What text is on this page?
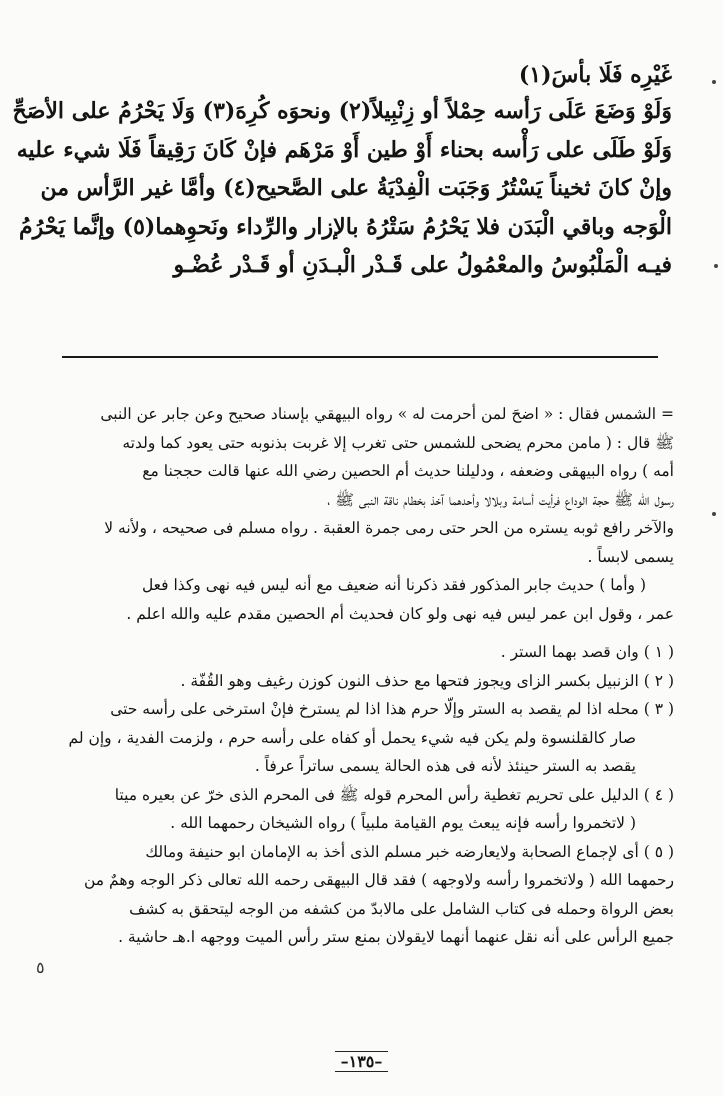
غَيْرِه فَلَا بأسَ(١)
وَلَوْ وَضَعَ عَلَى رَأسه حِمْلاً أو زِنْبِيلاً(٢) ونحوَه كُرِهَ(٣) وَلَا يَحْرُمُ على الأصَحِّ
وَلَوْ طَلَى على رَأْسه بحناء أَوْ طين أَوْ مَرْهَم فإنْ كَانَ رَقِيقاً فَلَا شيء عليه
وإنْ كانَ ثخيناً يَسْتُرُ وَجَبَت الْفِدْيَةُ على الصَّحيح(٤) وأمَّا غير الرَّأس من
الْوَجه وباقي الْبَدَن فلا يَحْرُمُ سَتْرُهُ بالإزار والرِّداء ونَحوِهما(٥) وإنَّما يَحْرُمُ
فيـه الْمَلْبُوسُ والمعْمُولُ على قَـدْر الْبـدَنِ أو قَـدْر عُضْـو
= الشمس فقال : « اضحَ لمن أحرمت له » رواه البيهقي بإسناد صحيح وعن جابر عن النبى
ﷺ قال : ( مامن محرم يضحى للشمس حتى تغرب إلا غربت بذنوبه حتى يعود كما ولدته
أمه ) رواه البيهقى وضعفه ، ودليلنا حديث أم الحصين رضي الله عنها قالت حججنا مع
رسول الله ﷺ حجة الوداع فرأيت أسامة وبلالا وأحدهما آخذ بخطام ناقة النبى ﷺ ،
والآخر رافع ثوبه يستره من الحر حتى رمى جمرة العقبة . رواه مسلم فى صحيحه ، ولأنه لا
يسمى لابساً .
( وأما ) حديث جابر المذكور فقد ذكرنا أنه ضعيف مع أنه ليس فيه نهى وكذا فعل
عمر ، وقول ابن عمر ليس فيه نهى ولو كان فحديث أم الحصين مقدم عليه والله اعلم .
( ١ ) وان قصد بهما الستر .
( ٢ ) الزنبيل بكسر الزاى ويجوز فتحها مع حذف النون كوزن رغيف وهو القُفّة .
( ٣ ) محله اذا لم يقصد به الستر وإلّا حرم هذا اذا لم يسترخ فإنْ استرخى على رأسه حتى
صار كالقلنسوة ولم يكن فيه شيء يحمل أو كفاه على رأسه حرم ، ولزمت الفدية ، وإن لم
يقصد به الستر حينئذ لأنه فى هذه الحالة يسمى ساتراً عرفاً .
( ٤ ) الدليل على تحريم تغطية رأس المحرم قوله ﷺ فى المحرم الذى خرّ عن بعيره ميتا
( لاتخمروا رأسه فإنه يبعث يوم القيامة ملبياً ) رواه الشيخان رحمهما الله .
( ٥ ) أى لإجماع الصحابة ولايعارضه خبر مسلم الذى أخذ به الإمامان ابو حنيفة ومالك
رحمهما الله ( ولاتخمروا رأسه ولاوجهه ) فقد قال البيهقى رحمه الله تعالى ذكر الوجه وهمٌ من
بعض الرواة وحمله فى كتاب الشامل على مالابدّ من كشفه من الوجه ليتحقق به كشف
جميع الرأس على أنه نقل عنهما أنهما لايقولان بمنع ستر رأس الميت ووجهه ا.هـ حاشية .
٥
–١٣٥–
